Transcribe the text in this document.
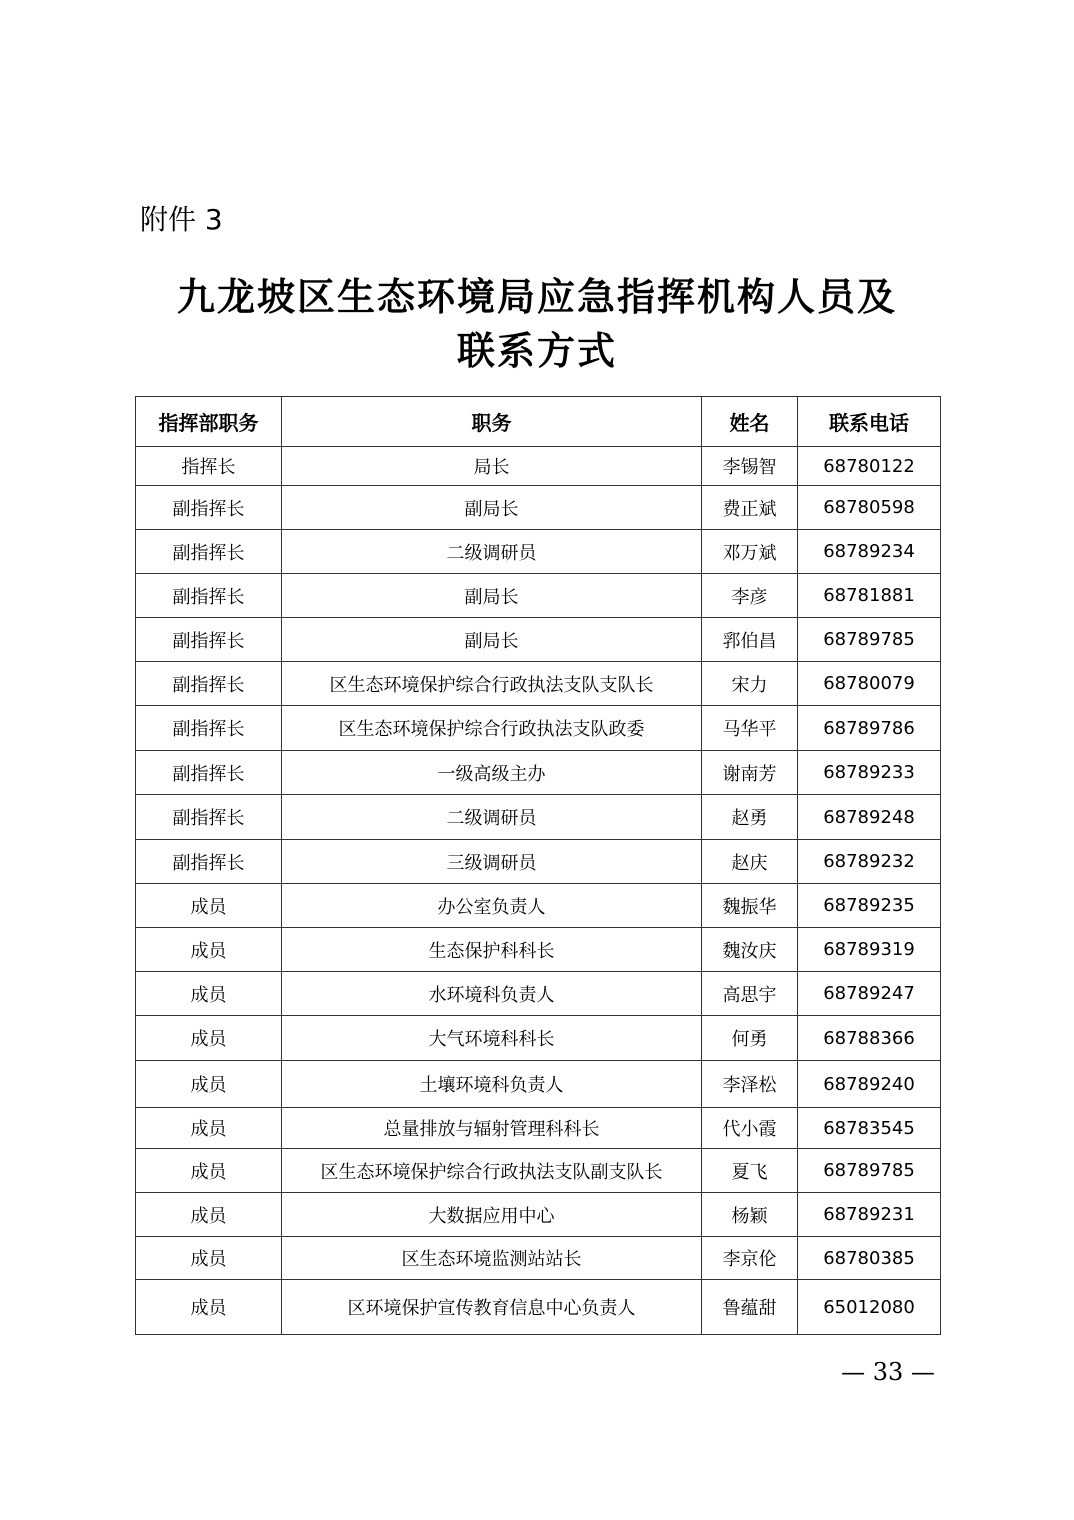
附件 3
九龙坡区生态环境局应急指挥机构人员及
联系方式
指挥部职务	职务	姓名	联系电话
指挥长	局长	李锡智	68780122
副指挥长	副局长	费正斌	68780598
副指挥长	二级调研员	邓万斌	68789234
副指挥长	副局长	李彦	68781881
副指挥长	副局长	郛伯昌	68789785
副指挥长	区生态环境保护综合行政执法支队支队长	宋力	68780079
副指挥长	区生态环境保护综合行政执法支队政委	马华平	68789786
副指挥长	一级高级主办	谢南芳	68789233
副指挥长	二级调研员	赵勇	68789248
副指挥长	三级调研员	赵庆	68789232
成员	办公室负责人	魏振华	68789235
成员	生态保护科科长	魏汝庆	68789319
成员	水环境科负责人	高思宇	68789247
成员	大气环境科科长	何勇	68788366
成员	土壤环境科负责人	李泽松	68789240
成员	总量排放与辐射管理科科长	代小霞	68783545
成员	区生态环境保护综合行政执法支队副支队长	夏飞	68789785
成员	大数据应用中心	杨颖	68789231
成员	区生态环境监测站站长	李京伦	68780385
成员	区环境保护宣传教育信息中心负责人	鲁蕴甜	65012080
— 33 —
